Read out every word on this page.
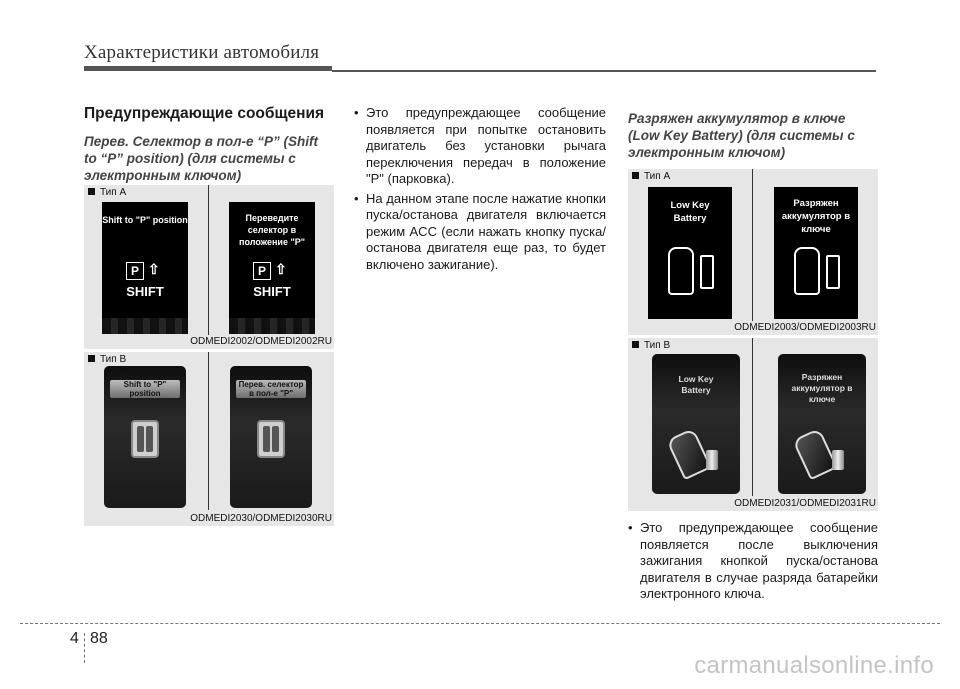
Характеристики автомобиля
Предупреждающие сообщения
Перев. Селектор в пол-е “P” (Shift to “P” position) (для системы с электронным ключом)
Тип A
Shift to "P" position
P ⇧
SHIFT
Переведите селектор в положение "P"
P ⇧
SHIFT
ODMEDI2002/ODMEDI2002RU
Тип B
Shift to "P" position
Перев. селектор в пол-е "P"
ODMEDI2030/ODMEDI2030RU
• Это предупреждающее сообщение появляется при попытке остановить двигатель без установки рычага переключения передач в положение "P" (парковка).
• На данном этапе после нажатие кнопки пуска/останова двигателя включается режим ACC (если нажать кнопку пуска/останова двигателя еще раз, то будет включено зажигание).
Разряжен аккумулятор в ключе (Low Key Battery) (для системы с электронным ключом)
Тип A
Low Key Battery
Разряжен аккумулятор в ключе
ODMEDI2003/ODMEDI2003RU
Тип B
Low Key Battery
Разряжен аккумулятор в ключе
ODMEDI2031/ODMEDI2031RU
• Это предупреждающее сообщение появляется после выключения зажигания кнопкой пуска/останова двигателя в случае разряда батарейки электронного ключа.
4 88
carmanualsonline.info
